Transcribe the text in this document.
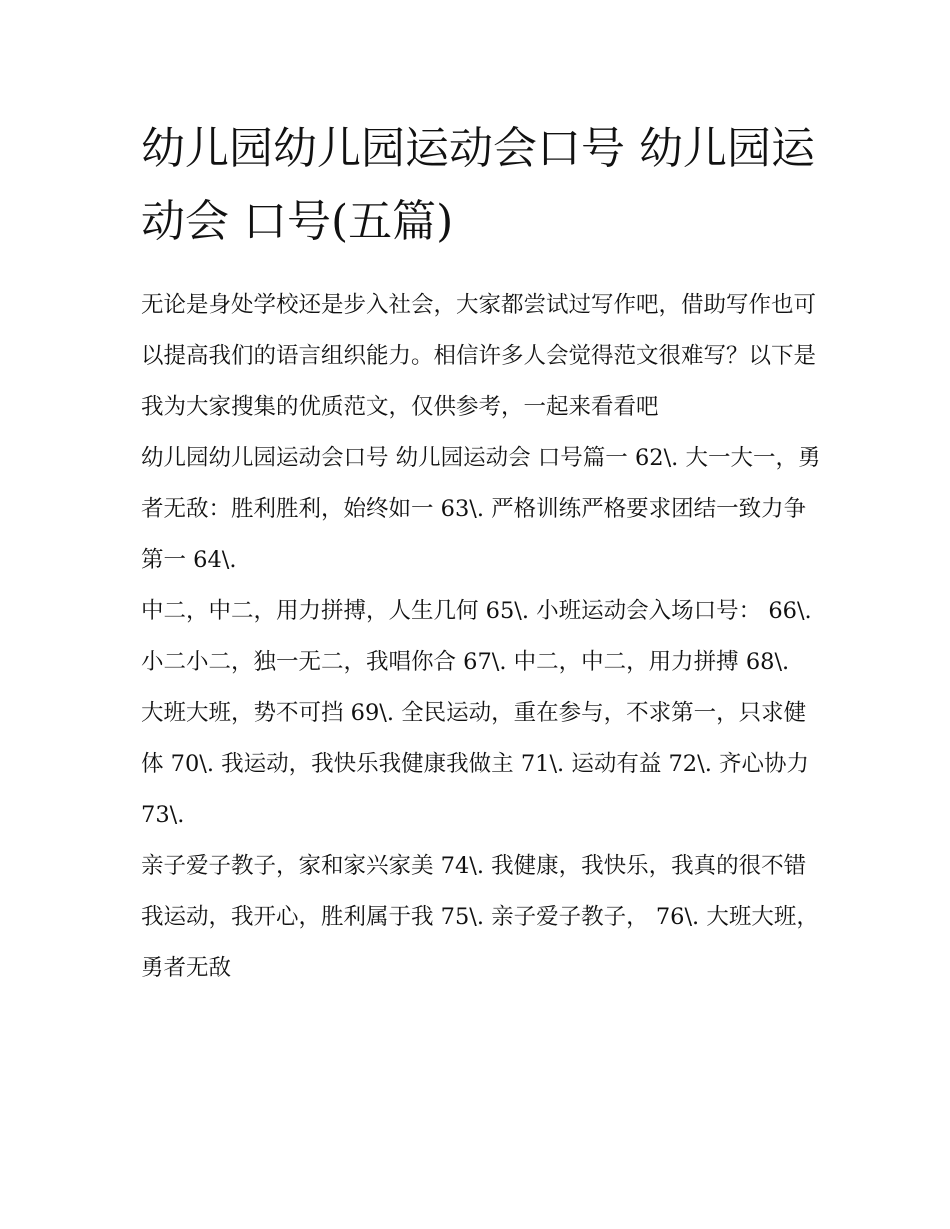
幼儿园幼儿园运动会口号 幼儿园运动会 口号(五篇)

无论是身处学校还是步入社会，大家都尝试过写作吧，借助写作也可以提高我们的语言组织能力。相信许多人会觉得范文很难写？以下是我为大家搜集的优质范文，仅供参考，一起来看看吧

幼儿园幼儿园运动会口号 幼儿园运动会 口号篇一 62\. 大一大一，勇者无敌：胜利胜利，始终如一 63\. 严格训练严格要求团结一致力争第一 64\.

中二，中二，用力拼搏，人生几何 65\. 小班运动会入场口号： 66\. 小二小二，独一无二，我唱你合 67\. 中二，中二，用力拼搏 68\.

大班大班，势不可挡 69\. 全民运动，重在参与，不求第一，只求健体 70\. 我运动，我快乐我健康我做主 71\. 运动有益 72\. 齐心协力 73\.

亲子爱子教子，家和家兴家美 74\. 我健康，我快乐，我真的很不错我运动，我开心，胜利属于我 75\. 亲子爱子教子， 76\. 大班大班，勇者无敌
